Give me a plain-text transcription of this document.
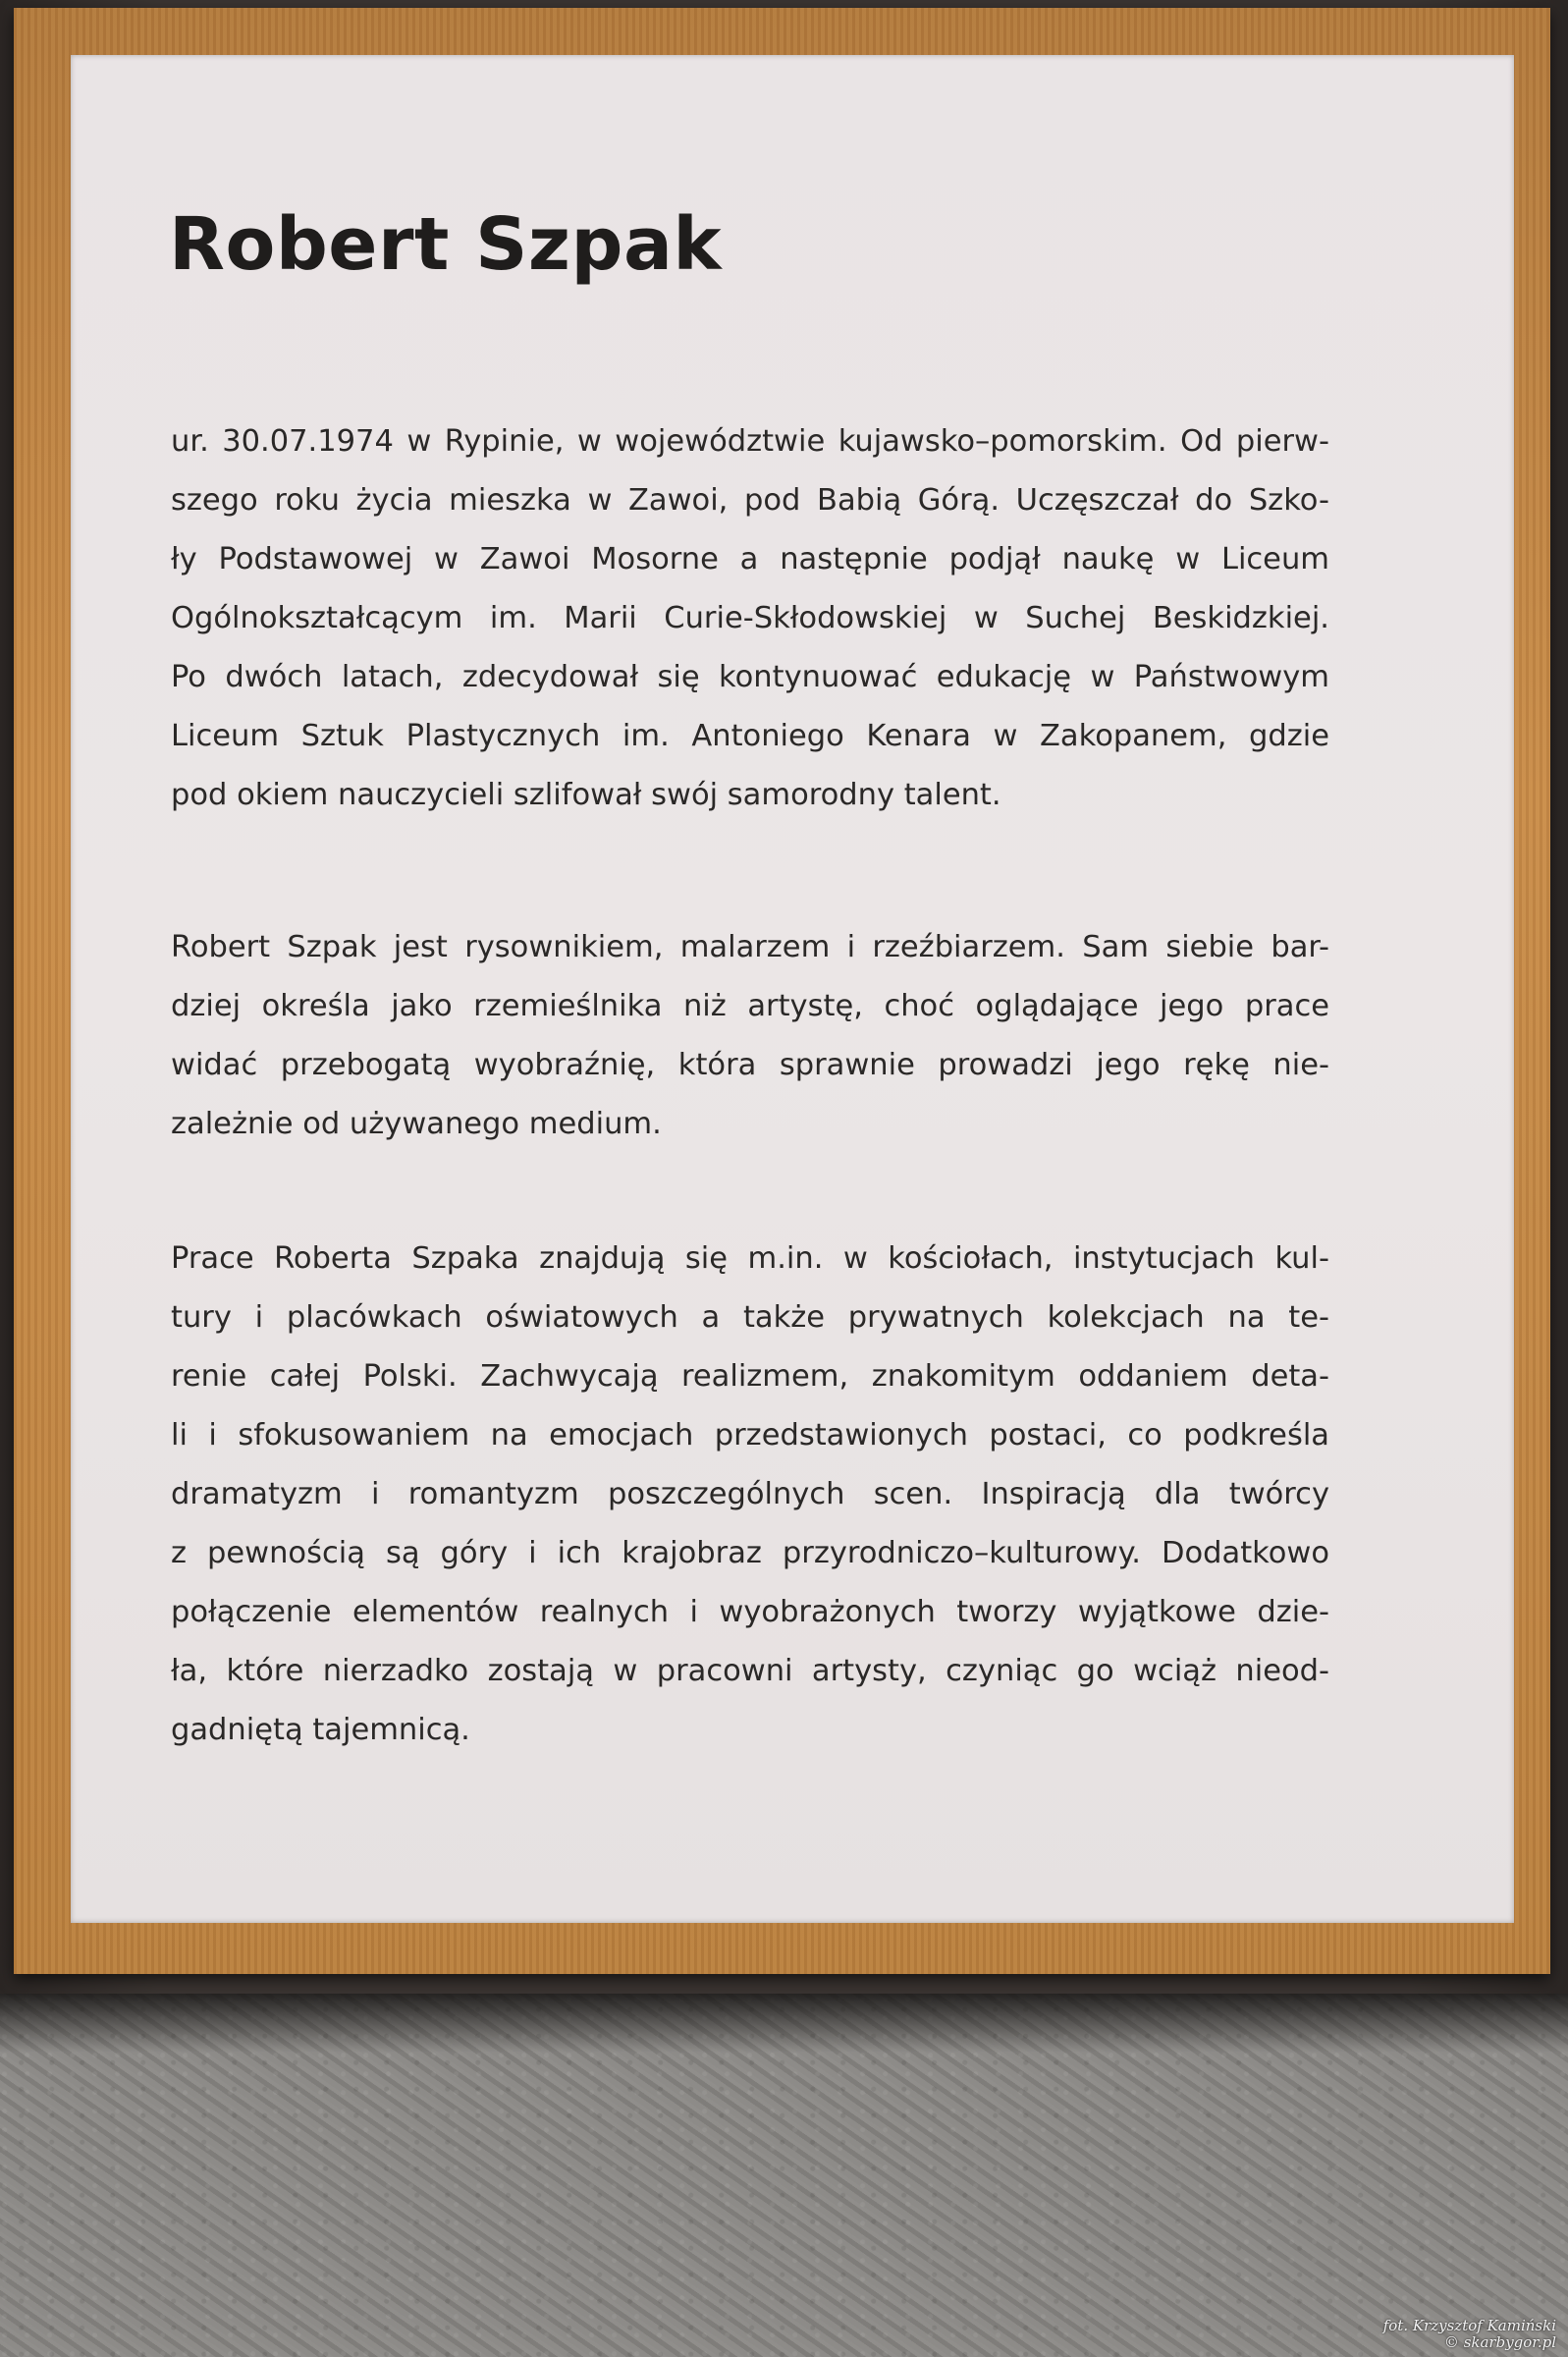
Robert Szpak
ur. 30.07.1974 w Rypinie, w województwie kujawsko–pomorskim. Od pierw-
szego roku życia mieszka w Zawoi, pod Babią Górą. Uczęszczał do Szko-
ły Podstawowej w Zawoi Mosorne a następnie podjął naukę w Liceum
Ogólnokształcącym im. Marii Curie-Skłodowskiej w Suchej Beskidzkiej.
Po dwóch latach, zdecydował się kontynuować edukację w Państwowym
Liceum Sztuk Plastycznych im. Antoniego Kenara w Zakopanem, gdzie
pod okiem nauczycieli szlifował swój samorodny talent.
Robert Szpak jest rysownikiem, malarzem i rzeźbiarzem. Sam siebie bar-
dziej określa jako rzemieślnika niż artystę, choć oglądające jego prace
widać przebogatą wyobraźnię, która sprawnie prowadzi jego rękę nie-
zależnie od używanego medium.
Prace Roberta Szpaka znajdują się m.in. w kościołach, instytucjach kul-
tury i placówkach oświatowych a także prywatnych kolekcjach na te-
renie całej Polski. Zachwycają realizmem, znakomitym oddaniem deta-
li i sfokusowaniem na emocjach przedstawionych postaci, co podkreśla
dramatyzm i romantyzm poszczególnych scen. Inspiracją dla twórcy
z pewnością są góry i ich krajobraz przyrodniczo–kulturowy. Dodatkowo
połączenie elementów realnych i wyobrażonych tworzy wyjątkowe dzie-
ła, które nierzadko zostają w pracowni artysty, czyniąc go wciąż nieod-
gadniętą tajemnicą.
fot. Krzysztof Kamiński
© skarbygor.pl
